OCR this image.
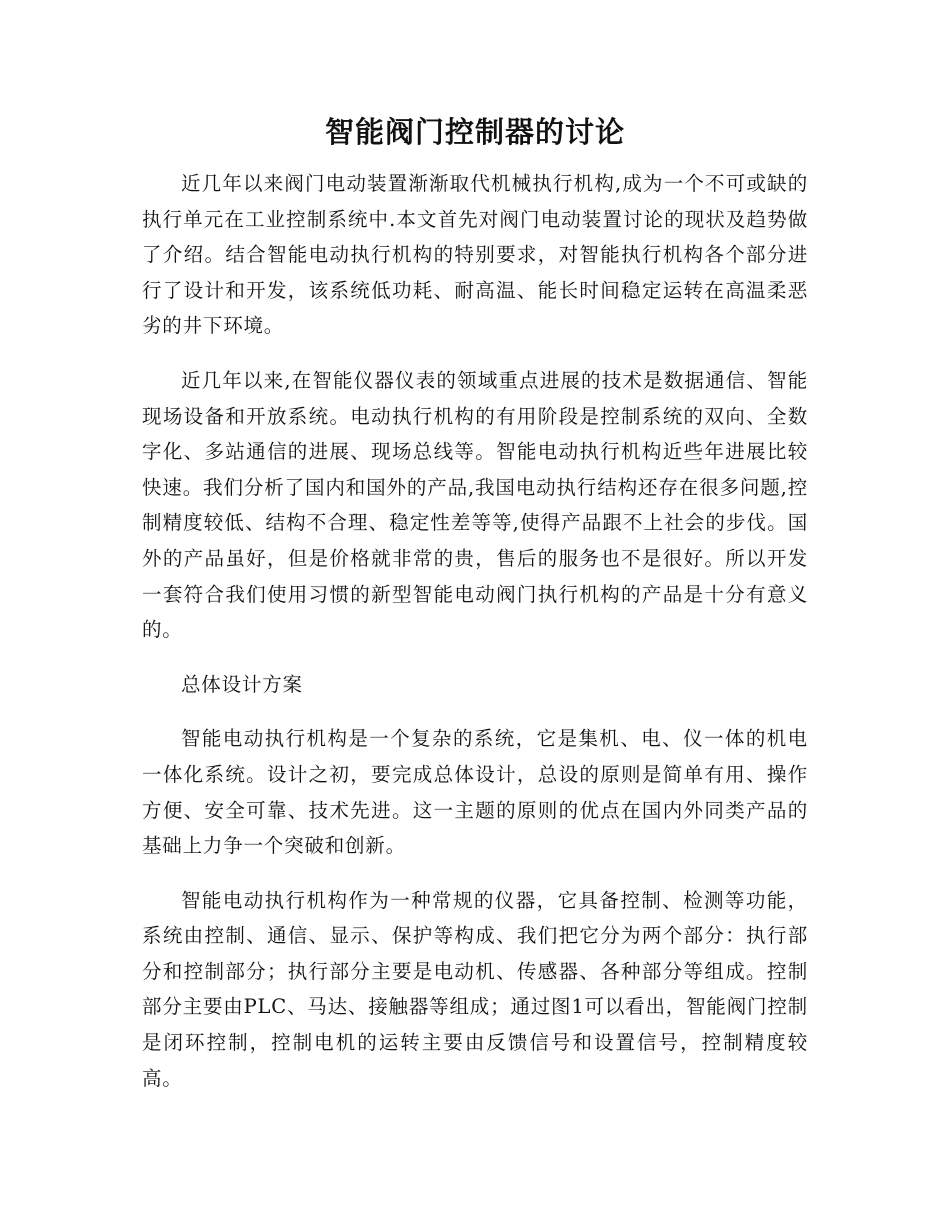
智能阀门控制器的讨论

近几年以来阀门电动装置渐渐取代机械执行机构,成为一个不可或缺的执行单元在工业控制系统中.本文首先对阀门电动装置讨论的现状及趋势做了介绍。结合智能电动执行机构的特别要求，对智能执行机构各个部分进行了设计和开发，该系统低功耗、耐高温、能长时间稳定运转在高温柔恶劣的井下环境。

近几年以来,在智能仪器仪表的领域重点进展的技术是数据通信、智能现场设备和开放系统。电动执行机构的有用阶段是控制系统的双向、全数字化、多站通信的进展、现场总线等。智能电动执行机构近些年进展比较快速。我们分析了国内和国外的产品,我国电动执行结构还存在很多问题,控制精度较低、结构不合理、稳定性差等等,使得产品跟不上社会的步伐。国外的产品虽好，但是价格就非常的贵，售后的服务也不是很好。所以开发一套符合我们使用习惯的新型智能电动阀门执行机构的产品是十分有意义的。

总体设计方案

智能电动执行机构是一个复杂的系统，它是集机、电、仪一体的机电一体化系统。设计之初，要完成总体设计，总设的原则是简单有用、操作方便、安全可靠、技术先进。这一主题的原则的优点在国内外同类产品的基础上力争一个突破和创新。

智能电动执行机构作为一种常规的仪器，它具备控制、检测等功能，系统由控制、通信、显示、保护等构成、我们把它分为两个部分：执行部分和控制部分；执行部分主要是电动机、传感器、各种部分等组成。控制部分主要由PLC、马达、接触器等组成；通过图1可以看出，智能阀门控制是闭环控制，控制电机的运转主要由反馈信号和设置信号，控制精度较高。
